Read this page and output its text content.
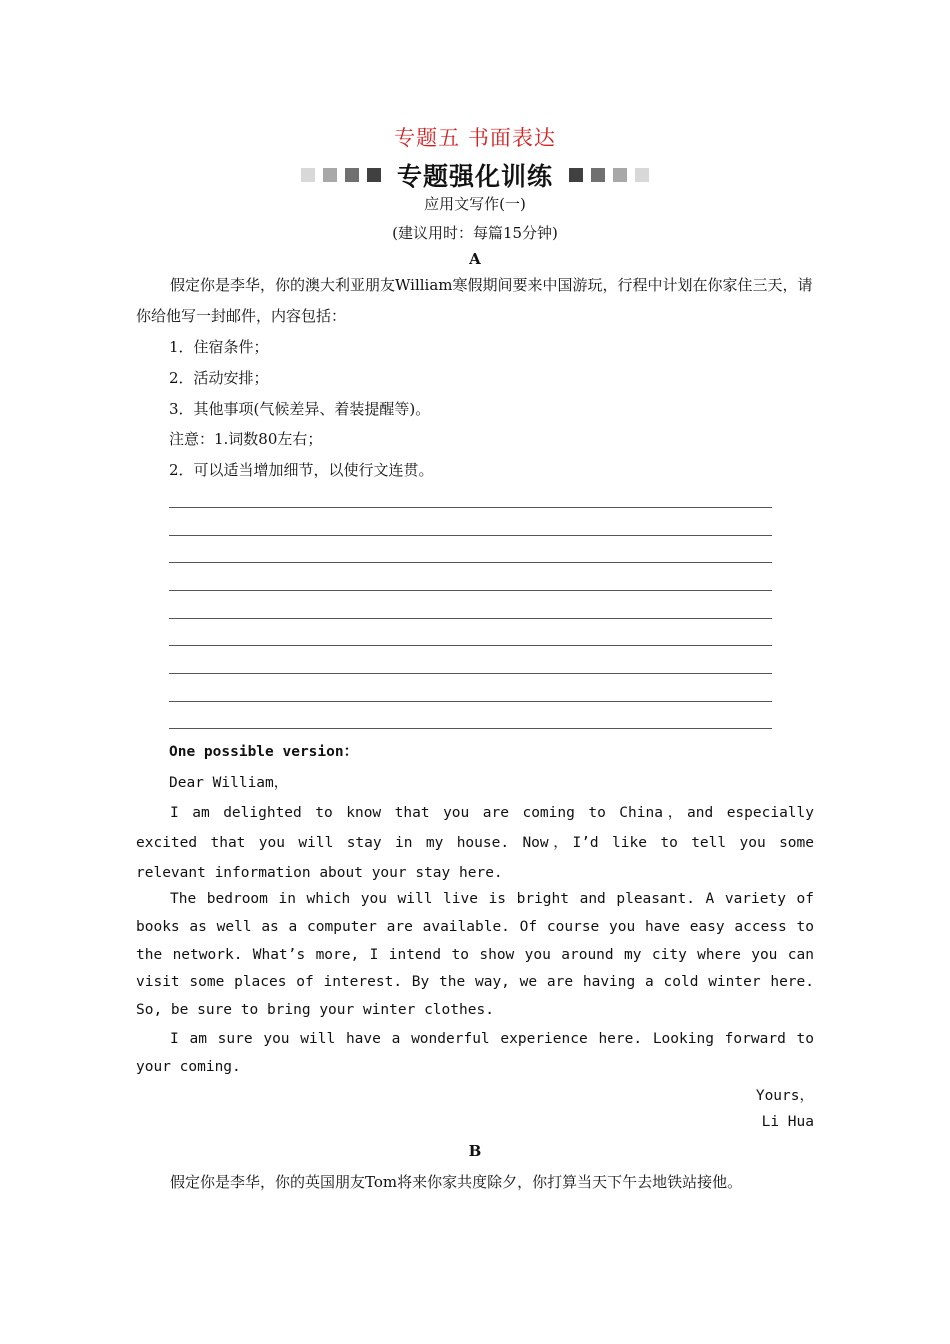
专题五 书面表达
专题强化训练
应用文写作(一)
(建议用时：每篇15分钟)
A
假定你是李华，你的澳大利亚朋友William寒假期间要来中国游玩，行程中计划在你家住三天，请你给他写一封邮件，内容包括：
1．住宿条件；
2．活动安排；
3．其他事项(气候差异、着装提醒等)。
注意：1.词数80左右；
2．可以适当增加细节，以使行文连贯。
One possible version：
Dear William，
I am delighted to know that you are coming to China，and especially excited that you will stay in my house. Now，I’d like to tell you some relevant information about your stay here.
The bedroom in which you will live is bright and pleasant. A variety of books as well as a computer are available. Of course you have easy access to the network. What’s more, I intend to show you around my city where you can visit some places of interest. By the way, we are having a cold winter here. So, be sure to bring your winter clothes.
I am sure you will have a wonderful experience here. Looking forward to your coming.
Yours，
Li Hua
B
假定你是李华，你的英国朋友Tom将来你家共度除夕，你打算当天下午去地铁站接他。
